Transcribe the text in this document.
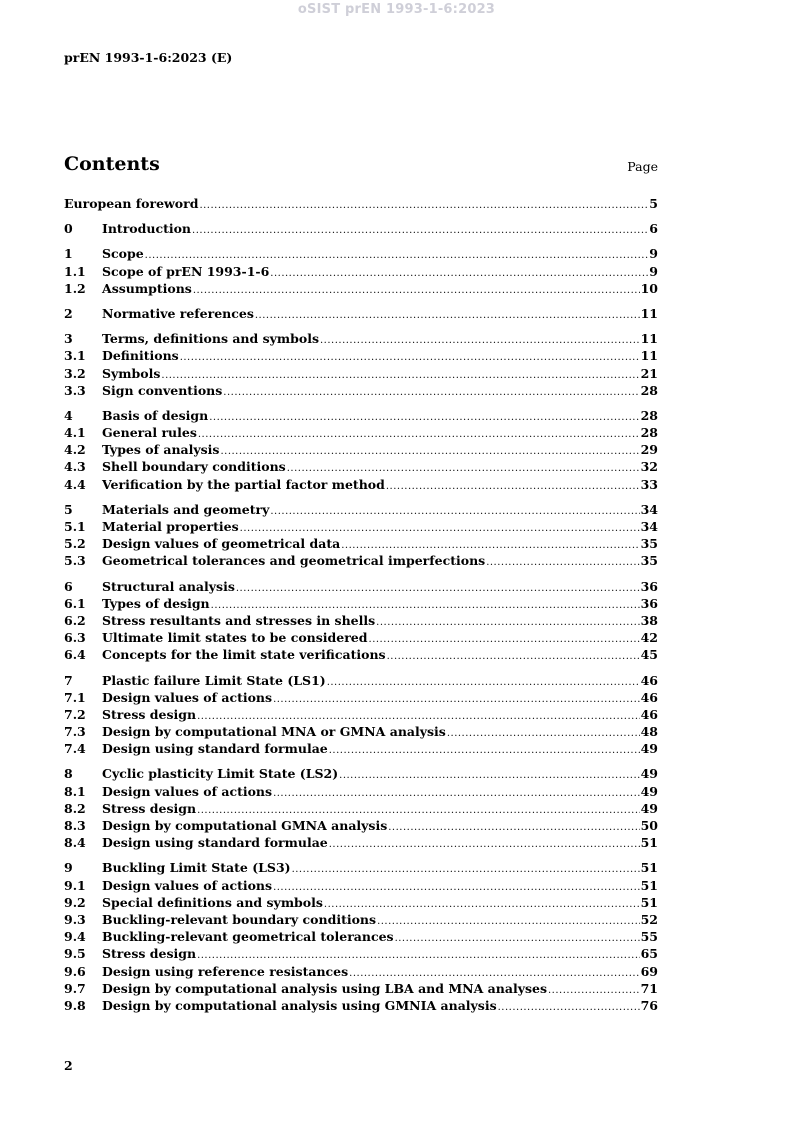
oSIST prEN 1993-1-6:2023
prEN 1993-1-6:2023 (E)
Contents	Page
European foreword .....	5
0	Introduction .....	6
1	Scope .....	9
1.1	Scope of prEN 1993-1-6 .....	9
1.2	Assumptions .....	10
2	Normative references .....	11
3	Terms, definitions and symbols .....	11
3.1	Definitions .....	11
3.2	Symbols .....	21
3.3	Sign conventions .....	28
4	Basis of design .....	28
4.1	General rules .....	28
4.2	Types of analysis .....	29
4.3	Shell boundary conditions .....	32
4.4	Verification by the partial factor method .....	33
5	Materials and geometry .....	34
5.1	Material properties .....	34
5.2	Design values of geometrical data .....	35
5.3	Geometrical tolerances and geometrical imperfections .....	35
6	Structural analysis .....	36
6.1	Types of design .....	36
6.2	Stress resultants and stresses in shells .....	38
6.3	Ultimate limit states to be considered .....	42
6.4	Concepts for the limit state verifications .....	45
7	Plastic failure Limit State (LS1) .....	46
7.1	Design values of actions .....	46
7.2	Stress design .....	46
7.3	Design by computational MNA or GMNA analysis .....	48
7.4	Design using standard formulae .....	49
8	Cyclic plasticity Limit State (LS2) .....	49
8.1	Design values of actions .....	49
8.2	Stress design .....	49
8.3	Design by computational GMNA analysis .....	50
8.4	Design using standard formulae .....	51
9	Buckling Limit State (LS3) .....	51
9.1	Design values of actions .....	51
9.2	Special definitions and symbols .....	51
9.3	Buckling-relevant boundary conditions .....	52
9.4	Buckling-relevant geometrical tolerances .....	55
9.5	Stress design .....	65
9.6	Design using reference resistances .....	69
9.7	Design by computational analysis using LBA and MNA analyses .....	71
9.8	Design by computational analysis using GMNIA analysis .....	76
2
